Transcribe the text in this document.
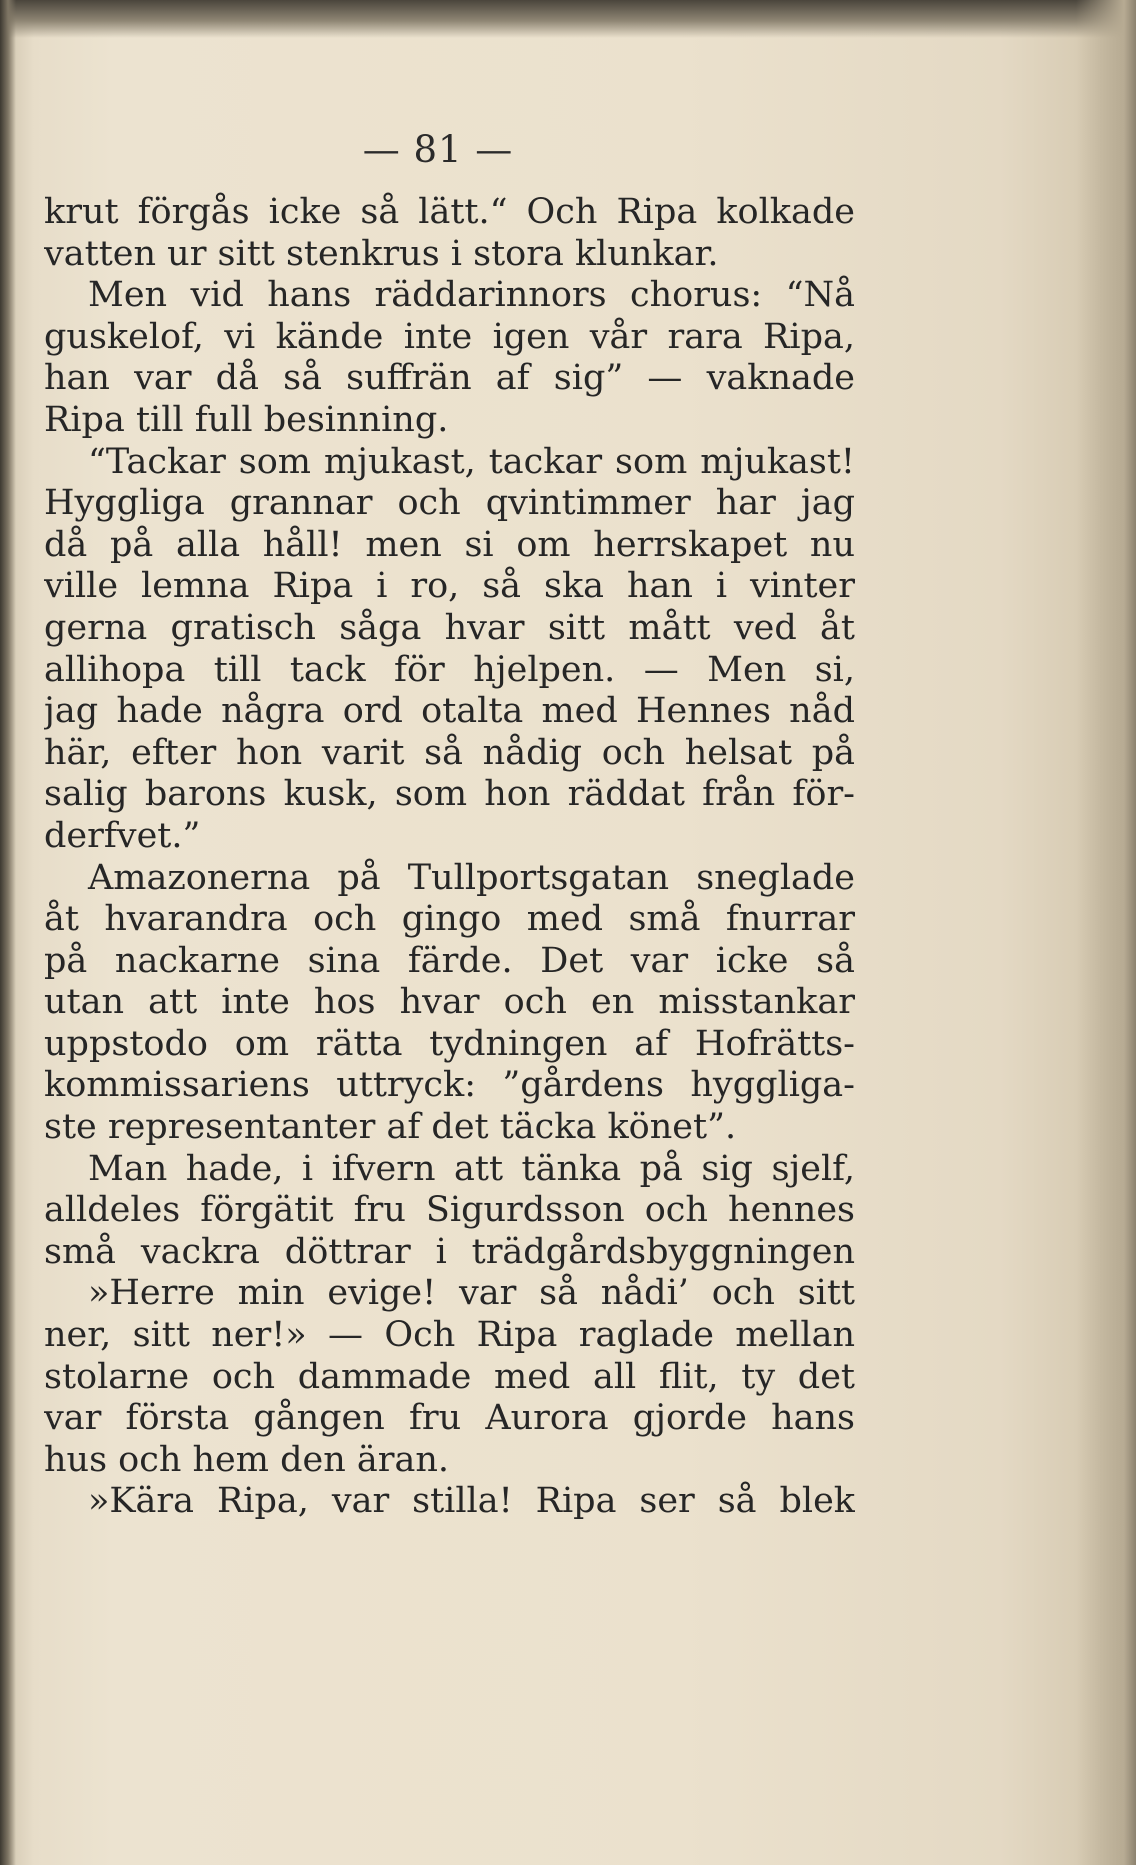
— 81 —
krut förgås icke så lätt.“ Och Ripa kolkade
vatten ur sitt stenkrus i stora klunkar.
Men vid hans räddarinnors chorus: “Nå
guskelof, vi kände inte igen vår rara Ripa,
han var då så suffrän af sig” — vaknade
Ripa till full besinning.
“Tackar som mjukast, tackar som mjukast!
Hyggliga grannar och qvintimmer har jag
då på alla håll! men si om herrskapet nu
ville lemna Ripa i ro, så ska han i vinter
gerna gratisch såga hvar sitt mått ved åt
allihopa till tack för hjelpen. — Men si,
jag hade några ord otalta med Hennes nåd
här, efter hon varit så nådig och helsat på
salig barons kusk, som hon räddat från för-
derfvet.”
Amazonerna på Tullportsgatan sneglade
åt hvarandra och gingo med små fnurrar
på nackarne sina färde. Det var icke så
utan att inte hos hvar och en misstankar
uppstodo om rätta tydningen af Hofrätts-
kommissariens uttryck: ”gårdens hyggliga-
ste representanter af det täcka könet”.
Man hade, i ifvern att tänka på sig sjelf,
alldeles förgätit fru Sigurdsson och hennes
små vackra döttrar i trädgårdsbyggningen
»Herre min evige! var så nådi’ och sitt
ner, sitt ner!» — Och Ripa raglade mellan
stolarne och dammade med all flit, ty det
var första gången fru Aurora gjorde hans
hus och hem den äran.
»Kära Ripa, var stilla! Ripa ser så blek
